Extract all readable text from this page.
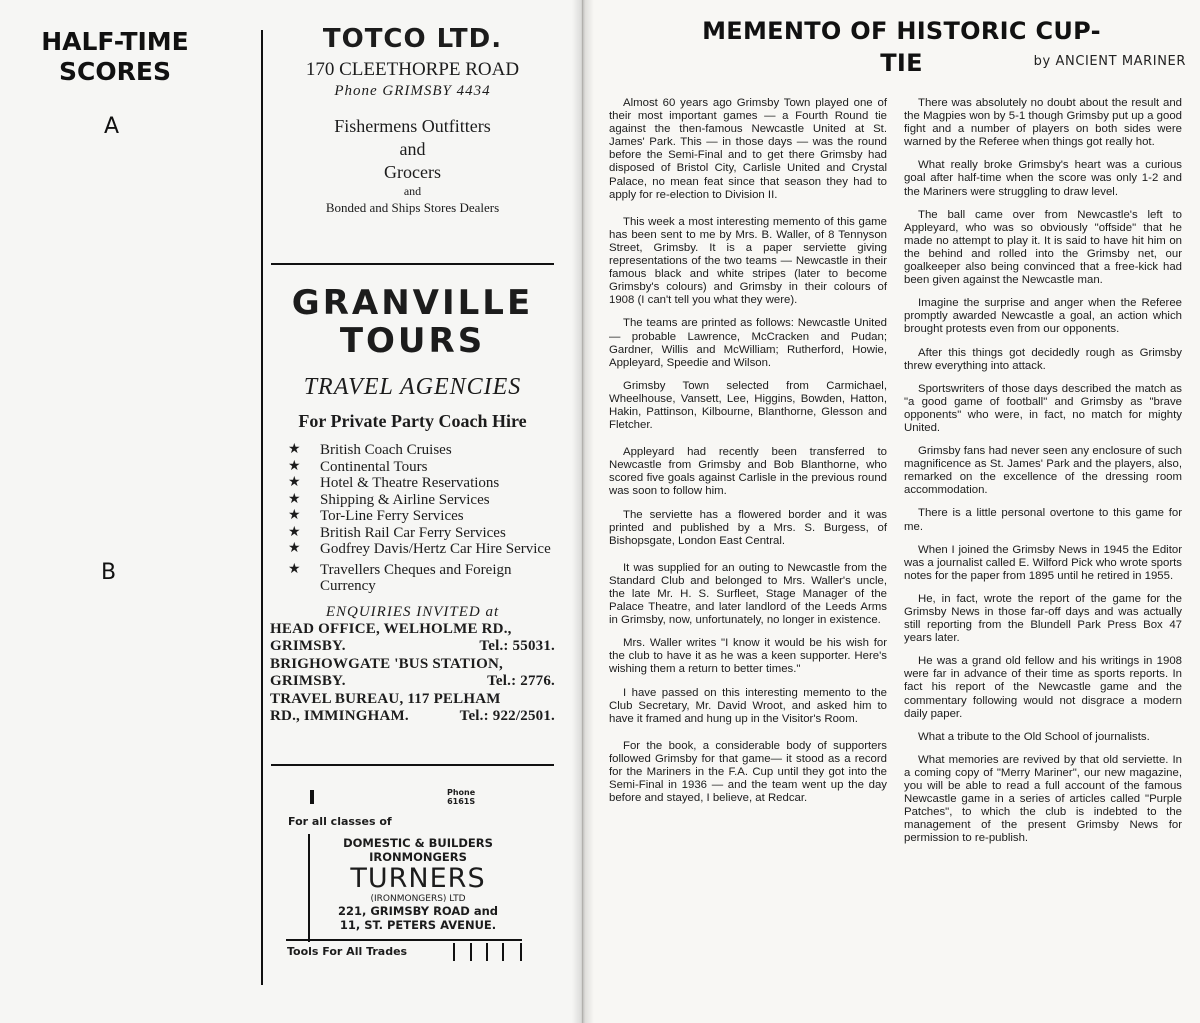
HALF-TIME
SCORES
A
B
TOTCO LTD.
170 CLEETHORPE ROAD
Phone GRIMSBY 4434
Fishermens Outfitters
and
Grocers
and
Bonded and Ships Stores Dealers
GRANVILLE
TOURS
TRAVEL AGENCIES
For Private Party Coach Hire
★ British Coach Cruises
★ Continental Tours
★ Hotel & Theatre Reservations
★ Shipping & Airline Services
★ Tor-Line Ferry Services
★ British Rail Car Ferry Services
★ Godfrey Davis/Hertz Car Hire Service
★ Travellers Cheques and Foreign Currency
ENQUIRIES INVITED at
HEAD OFFICE, WELHOLME RD.,
GRIMSBY.	Tel.: 55031.
BRIGHOWGATE 'BUS STATION,
GRIMSBY.	Tel.: 2776.
TRAVEL BUREAU, 117 PELHAM
RD., IMMINGHAM.	Tel.: 922/2501.
Phone
6161S
For all classes of
DOMESTIC & BUILDERS
IRONMONGERS
TURNERS
(IRONMONGERS) LTD
221, GRIMSBY ROAD and
11, ST. PETERS AVENUE.
Tools For All Trades
MEMENTO OF HISTORIC CUP-TIE	by ANCIENT MARINER

Almost 60 years ago Grimsby Town played one of their most important games — a Fourth Round tie against the then-famous Newcastle United at St. James' Park. This — in those days — was the round before the Semi-Final and to get there Grimsby had disposed of Bristol City, Carlisle United and Crystal Palace, no mean feat since that season they had to apply for re-election to Division II.

This week a most interesting memento of this game has been sent to me by Mrs. B. Waller, of 8 Tennyson Street, Grimsby. It is a paper serviette giving representations of the two teams — Newcastle in their famous black and white stripes (later to become Grimsby's colours) and Grimsby in their colours of 1908 (I can't tell you what they were).

The teams are printed as follows: Newcastle United — probable Lawrence, McCracken and Pudan; Gardner, Willis and McWilliam; Rutherford, Howie, Appleyard, Speedie and Wilson.

Grimsby Town selected from Carmichael, Wheelhouse, Vansett, Lee, Higgins, Bowden, Hatton, Hakin, Pattinson, Kilbourne, Blanthorne, Glesson and Fletcher.

Appleyard had recently been transferred to Newcastle from Grimsby and Bob Blanthorne, who scored five goals against Carlisle in the previous round was soon to follow him.

The serviette has a flowered border and it was printed and published by a Mrs. S. Burgess, of Bishopsgate, London East Central.

It was supplied for an outing to Newcastle from the Standard Club and belonged to Mrs. Waller's uncle, the late Mr. H. S. Surfleet, Stage Manager of the Palace Theatre, and later landlord of the Leeds Arms in Grimsby, now, unfortunately, no longer in existence.

Mrs. Waller writes "I know it would be his wish for the club to have it as he was a keen supporter. Here's wishing them a return to better times."

I have passed on this interesting memento to the Club Secretary, Mr. David Wroot, and asked him to have it framed and hung up in the Visitor's Room.

For the book, a considerable body of supporters followed Grimsby for that game— it stood as a record for the Mariners in the F.A. Cup until they got into the Semi-Final in 1936 — and the team went up the day before and stayed, I believe, at Redcar.

There was absolutely no doubt about the result and the Magpies won by 5-1 though Grimsby put up a good fight and a number of players on both sides were warned by the Referee when things got really hot.

What really broke Grimsby's heart was a curious goal after half-time when the score was only 1-2 and the Mariners were struggling to draw level.

The ball came over from Newcastle's left to Appleyard, who was so obviously "offside" that he made no attempt to play it. It is said to have hit him on the behind and rolled into the Grimsby net, our goalkeeper also being convinced that a free-kick had been given against the Newcastle man.

Imagine the surprise and anger when the Referee promptly awarded Newcastle a goal, an action which brought protests even from our opponents.

After this things got decidedly rough as Grimsby threw everything into attack.

Sportswriters of those days described the match as "a good game of football" and Grimsby as "brave opponents" who were, in fact, no match for mighty United.

Grimsby fans had never seen any enclosure of such magnificence as St. James' Park and the players, also, remarked on the excellence of the dressing room accommodation.

There is a little personal overtone to this game for me.

When I joined the Grimsby News in 1945 the Editor was a journalist called E. Wilford Pick who wrote sports notes for the paper from 1895 until he retired in 1955.

He, in fact, wrote the report of the game for the Grimsby News in those far-off days and was actually still reporting from the Blundell Park Press Box 47 years later.

He was a grand old fellow and his writings in 1908 were far in advance of their time as sports reports. In fact his report of the Newcastle game and the commentary following would not disgrace a modern daily paper.

What a tribute to the Old School of journalists.

What memories are revived by that old serviette. In a coming copy of "Merry Mariner", our new magazine, you will be able to read a full account of the famous Newcastle game in a series of articles called "Purple Patches", to which the club is indebted to the management of the present Grimsby News for permission to re-publish.
